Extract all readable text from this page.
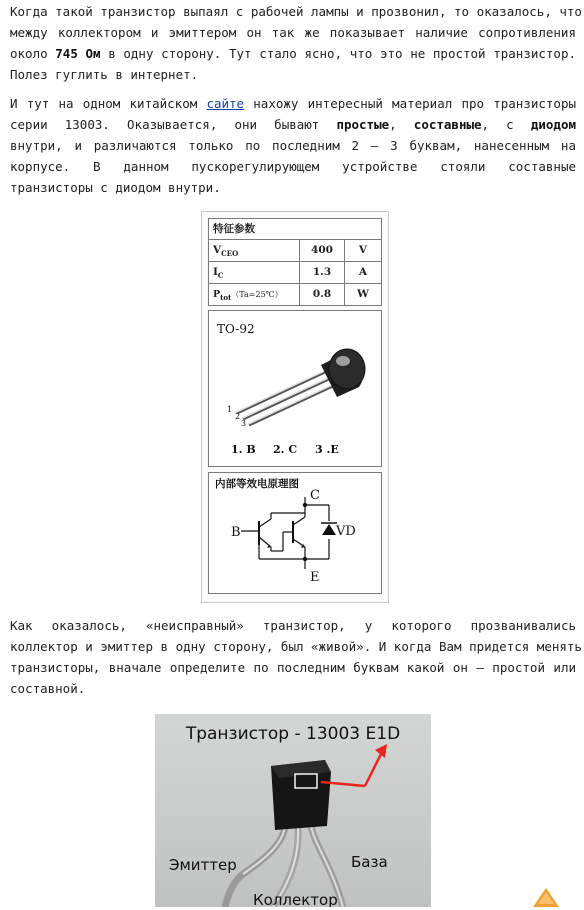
Когда такой транзистор выпаял с рабочей лампы и прозвонил, то оказалось, что
между коллектором и эмиттером он так же показывает наличие сопротивления
около 745 Ом в одну сторону. Тут стало ясно, что это не простой транзистор.
Полез гуглить в интернет.
И тут на одном китайском сайте нахожу интересный материал про транзисторы
серии 13003. Оказывается, они бывают простые, составные, с диодом
внутри, и различаются только по последним 2 – 3 буквам, нанесенным на
корпусе. В данном пускорегулирующем устройстве стояли составные
транзисторы с диодом внутри.
特征参数
$V_{CEO}$	400	V
$I_C$	1.3	A
$P_{tot}(Ta=25℃)$	0.8	W
TO-92
1
2
3
1. B 2. C 3 .E
内部等效电原理图
B
C
E
VD
Как оказалось, «неисправный» транзистор, у которого прозванивались
коллектор и эмиттер в одну сторону, был «живой». И когда Вам придется менять
транзисторы, вначале определите по последним буквам какой он – простой или
составной.
Транзистор - 13003 E1D
Эмиттер	База
Коллектор
